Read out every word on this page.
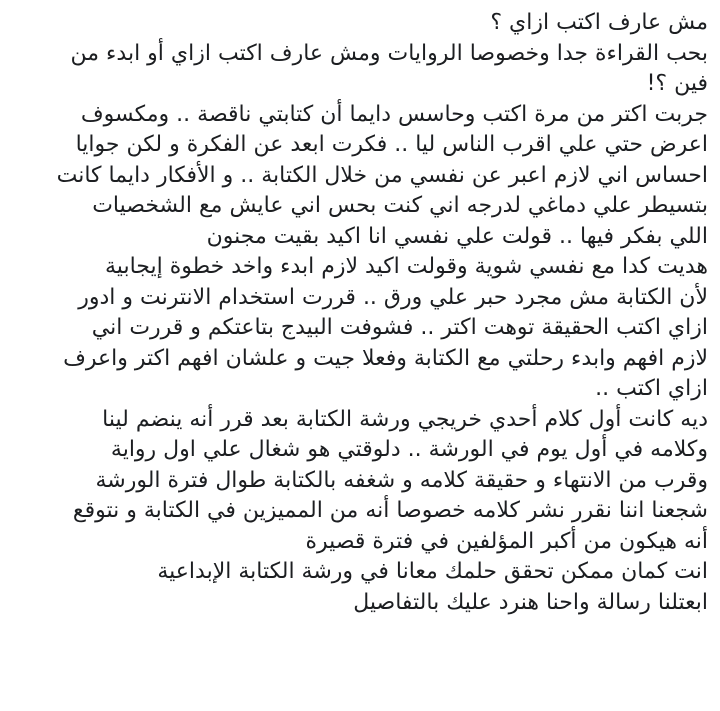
مش عارف اكتب ازاي ؟
بحب القراءة جدا وخصوصا الروايات ومش عارف اكتب ازاي أو ابدء من
فين ؟!
جربت اكتر من مرة اكتب وحاسس دايما أن كتابتي ناقصة .. ومكسوف
اعرض حتي علي اقرب الناس ليا .. فكرت ابعد عن الفكرة و لكن جوايا
احساس اني لازم اعبر عن نفسي من خلال الكتابة .. و الأفكار دايما كانت
بتسيطر علي دماغي لدرجه اني كنت بحس اني عايش مع الشخصيات
اللي بفكر فيها .. قولت علي نفسي انا اكيد بقيت مجنون
هديت كدا مع نفسي شوية وقولت اكيد لازم ابدء واخد خطوة إيجابية
لأن الكتابة مش مجرد حبر علي ورق .. قررت استخدام الانترنت و ادور
ازاي اكتب الحقيقة توهت اكتر .. فشوفت البيدج بتاعتكم و قررت اني
لازم افهم وابدء رحلتي مع الكتابة وفعلا جيت و علشان افهم اكتر واعرف
ازاي اكتب ..
ديه كانت أول كلام أحدي خريجي ورشة الكتابة بعد قرر أنه ينضم لينا
وكلامه في أول يوم في الورشة .. دلوقتي هو شغال علي اول رواية
وقرب من الانتهاء و حقيقة كلامه و شغفه بالكتابة طوال فترة الورشة
شجعنا اننا نقرر نشر كلامه خصوصا أنه من المميزين في الكتابة و نتوقع
أنه هيكون من أكبر المؤلفين في فترة قصيرة
انت كمان ممكن تحقق حلمك معانا في ورشة الكتابة الإبداعية
ابعتلنا رسالة واحنا هنرد عليك بالتفاصيل
